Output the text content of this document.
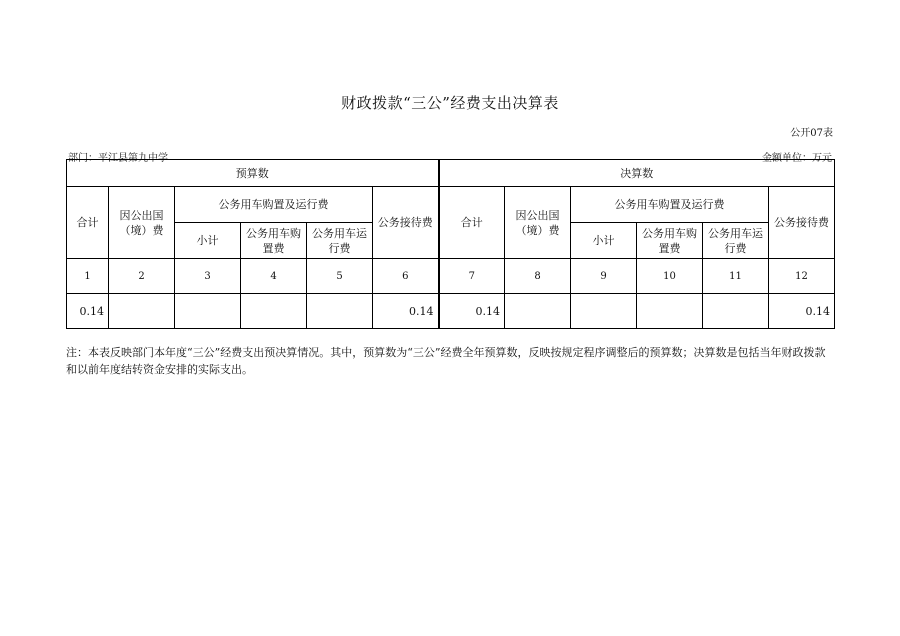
财政拨款“三公”经费支出决算表
公开07表
部门：平江县第九中学	金额单位：万元
预算数						决算数					
合计	因公出国（境）费	公务用车购置及运行费			公务接待费	合计	因公出国（境）费	公务用车购置及运行费			公务接待费
		小计	公务用车购置费	公务用车运行费				小计	公务用车购置费	公务用车运行费	
1	2	3	4	5	6	7	8	9	10	11	12
0.14					0.14	0.14					0.14
注：本表反映部门本年度“三公”经费支出预决算情况。其中，预算数为“三公”经费全年预算数，反映按规定程序调整后的预算数；决算数是包括当年财政拨款和以前年度结转资金安排的实际支出。
